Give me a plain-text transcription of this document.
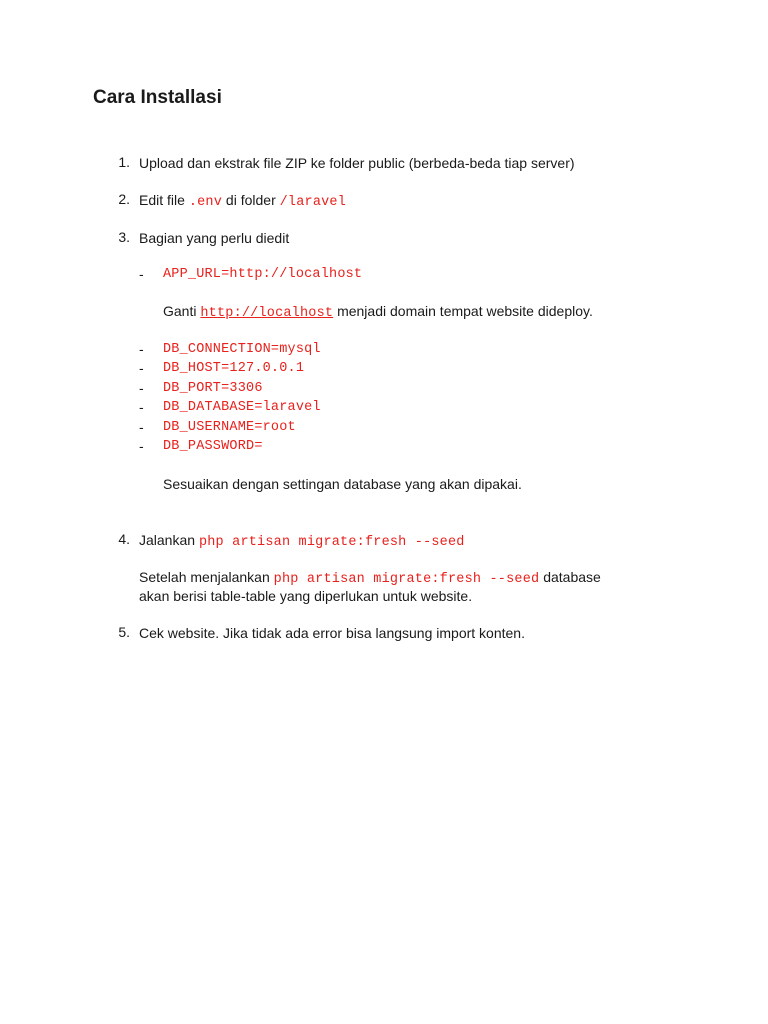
Cara Installasi
1. Upload dan ekstrak file ZIP ke folder public (berbeda-beda tiap server)
2. Edit file .env di folder /laravel
3. Bagian yang perlu diedit
- APP_URL=http://localhost
Ganti http://localhost menjadi domain tempat website dideploy.
- DB_CONNECTION=mysql
- DB_HOST=127.0.0.1
- DB_PORT=3306
- DB_DATABASE=laravel
- DB_USERNAME=root
- DB_PASSWORD=
Sesuaikan dengan settingan database yang akan dipakai.
4. Jalankan php artisan migrate:fresh --seed
Setelah menjalankan php artisan migrate:fresh --seed database
akan berisi table-table yang diperlukan untuk website.
5. Cek website. Jika tidak ada error bisa langsung import konten.
